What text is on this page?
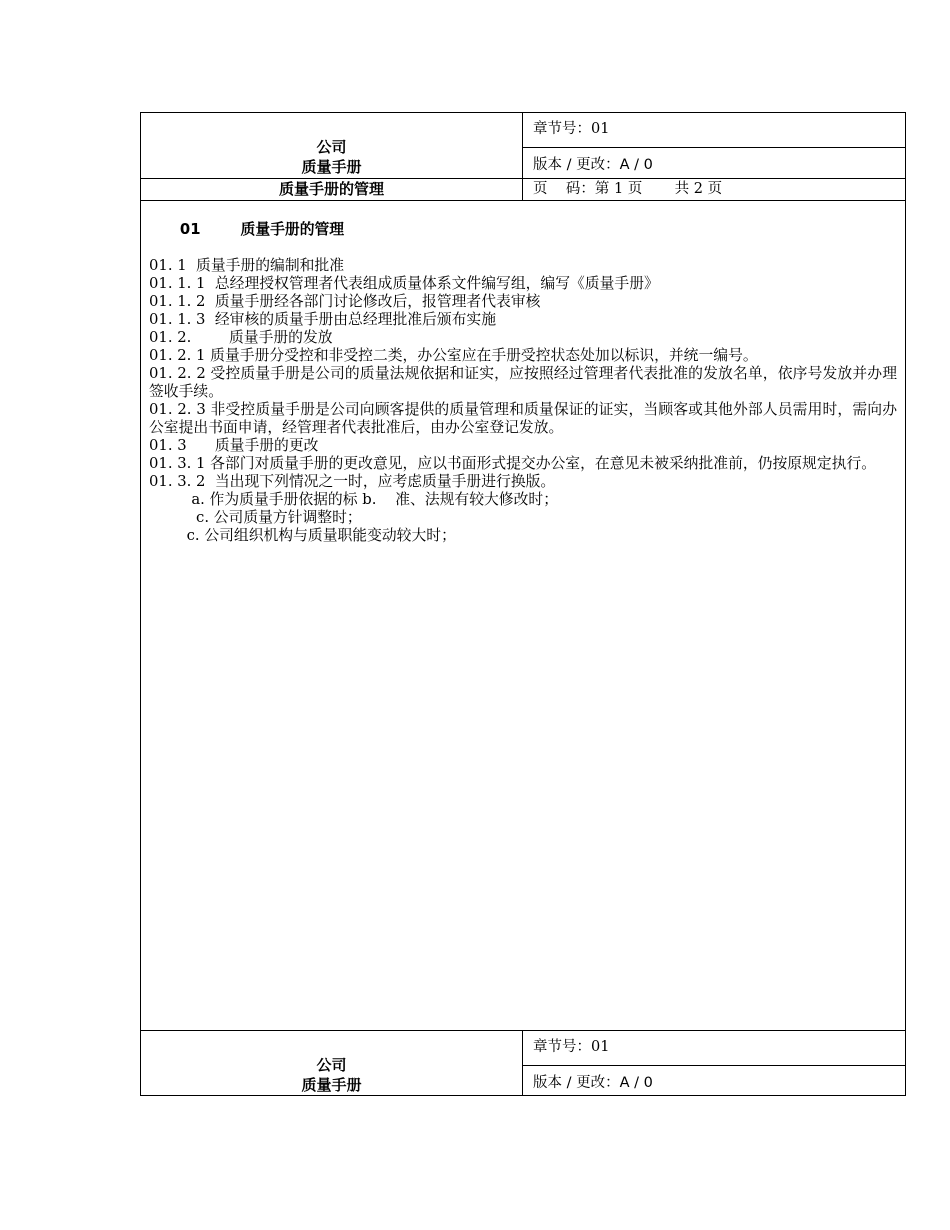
公司
质量手册
章节号：01
版本 / 更改：A / 0
质量手册的管理	页    码：第 1 页       共 2 页

01	质量手册的管理

01. 1  质量手册的编制和批准
01. 1. 1  总经理授权管理者代表组成质量体系文件编写组，编写《质量手册》
01. 1. 2  质量手册经各部门讨论修改后，报管理者代表审核
01. 1. 3  经审核的质量手册由总经理批准后颁布实施
01. 2.        质量手册的发放
01. 2. 1 质量手册分受控和非受控二类，办公室应在手册受控状态处加以标识，并统一编号。
01. 2. 2 受控质量手册是公司的质量法规依据和证实，应按照经过管理者代表批准的发放名单，依序号发放并办理签收手续。
01. 2. 3 非受控质量手册是公司向顾客提供的质量管理和质量保证的证实，当顾客或其他外部人员需用时，需向办公室提出书面申请，经管理者代表批准后，由办公室登记发放。
01. 3      质量手册的更改
01. 3. 1 各部门对质量手册的更改意见，应以书面形式提交办公室，在意见未被采纳批准前，仍按原规定执行。
01. 3. 2  当出现下列情况之一时，应考虑质量手册进行换版。
a. 作为质量手册依据的标 b.    准、法规有较大修改时；
c. 公司质量方针调整时；
c. 公司组织机构与质量职能变动较大时；
公司
质量手册
章节号：01
版本 / 更改：A / 0
